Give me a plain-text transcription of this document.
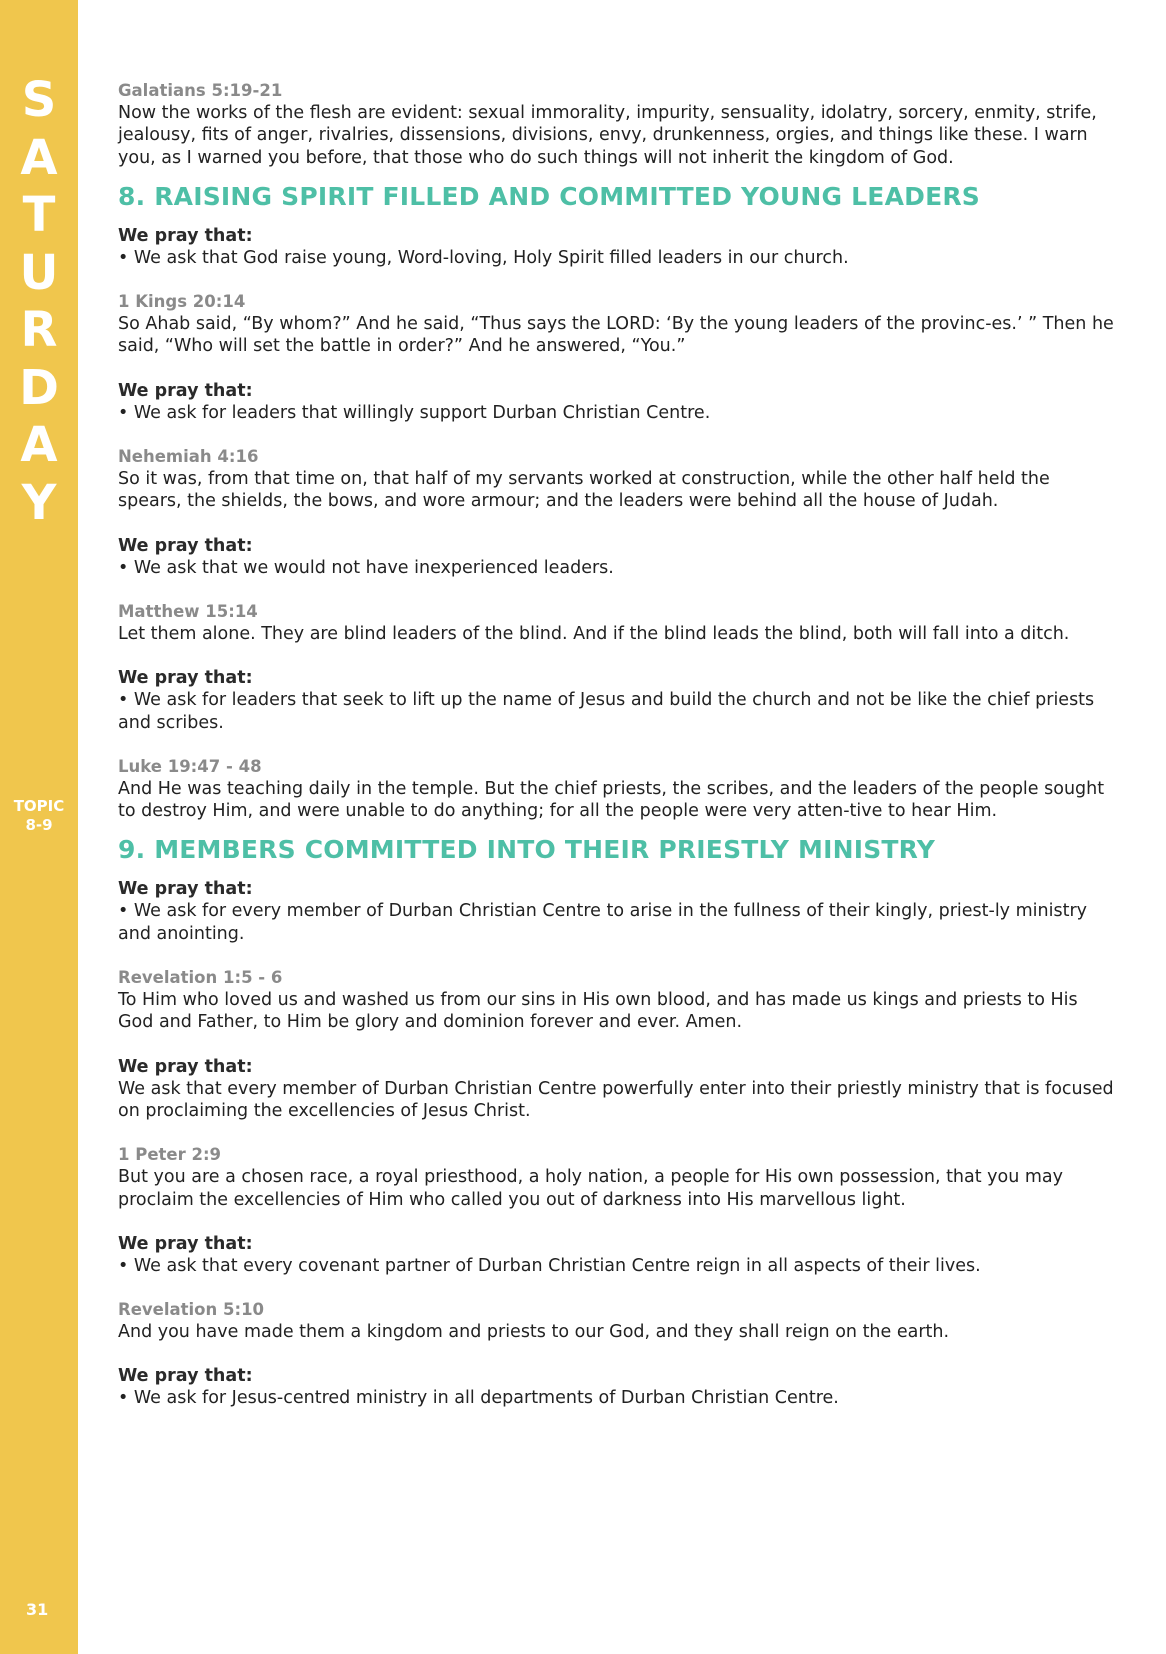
S
A
T
U
R
D
A
Y
TOPIC
8-9
31

Galatians 5:19-21

Now the works of the flesh are evident: sexual immorality, impurity, sensuality, idolatry, sorcery, enmity, strife, jealousy, fits of anger, rivalries, dissensions, divisions, envy, drunkenness, orgies, and things like these. I warn you, as I warned you before, that those who do such things will not inherit the kingdom of God.

8. RAISING SPIRIT FILLED AND COMMITTED YOUNG LEADERS

We pray that:

• We ask that God raise young, Word-loving, Holy Spirit filled leaders in our church.

1 Kings 20:14

So Ahab said, “By whom?” And he said, “Thus says the LORD: ‘By the young leaders of the provinc-es.’ ” Then he said, “Who will set the battle in order?” And he answered, “You.”

We pray that:

• We ask for leaders that willingly support Durban Christian Centre.

Nehemiah 4:16

So it was, from that time on, that half of my servants worked at construction, while the other half held the spears, the shields, the bows, and wore armour; and the leaders were behind all the house of Judah.

We pray that:

• We ask that we would not have inexperienced leaders.

Matthew 15:14

Let them alone. They are blind leaders of the blind. And if the blind leads the blind, both will fall into a ditch.

We pray that:

• We ask for leaders that seek to lift up the name of Jesus and build the church and not be like the chief priests and scribes.

Luke 19:47 - 48

And He was teaching daily in the temple. But the chief priests, the scribes, and the leaders of the people sought to destroy Him, and were unable to do anything; for all the people were very atten-tive to hear Him.

9. MEMBERS COMMITTED INTO THEIR PRIESTLY MINISTRY

We pray that:

• We ask for every member of Durban Christian Centre to arise in the fullness of their kingly, priest-ly ministry and anointing.

Revelation 1:5 - 6

To Him who loved us and washed us from our sins in His own blood, and has made us kings and priests to His God and Father, to Him be glory and dominion forever and ever. Amen.

We pray that:

We ask that every member of Durban Christian Centre powerfully enter into their priestly ministry that is focused on proclaiming the excellencies of Jesus Christ.

1 Peter 2:9

But you are a chosen race, a royal priesthood, a holy nation, a people for His own possession, that you may proclaim the excellencies of Him who called you out of darkness into His marvellous light.

We pray that:

• We ask that every covenant partner of Durban Christian Centre reign in all aspects of their lives.

Revelation 5:10

And you have made them a kingdom and priests to our God, and they shall reign on the earth.

We pray that:

• We ask for Jesus-centred ministry in all departments of Durban Christian Centre.
